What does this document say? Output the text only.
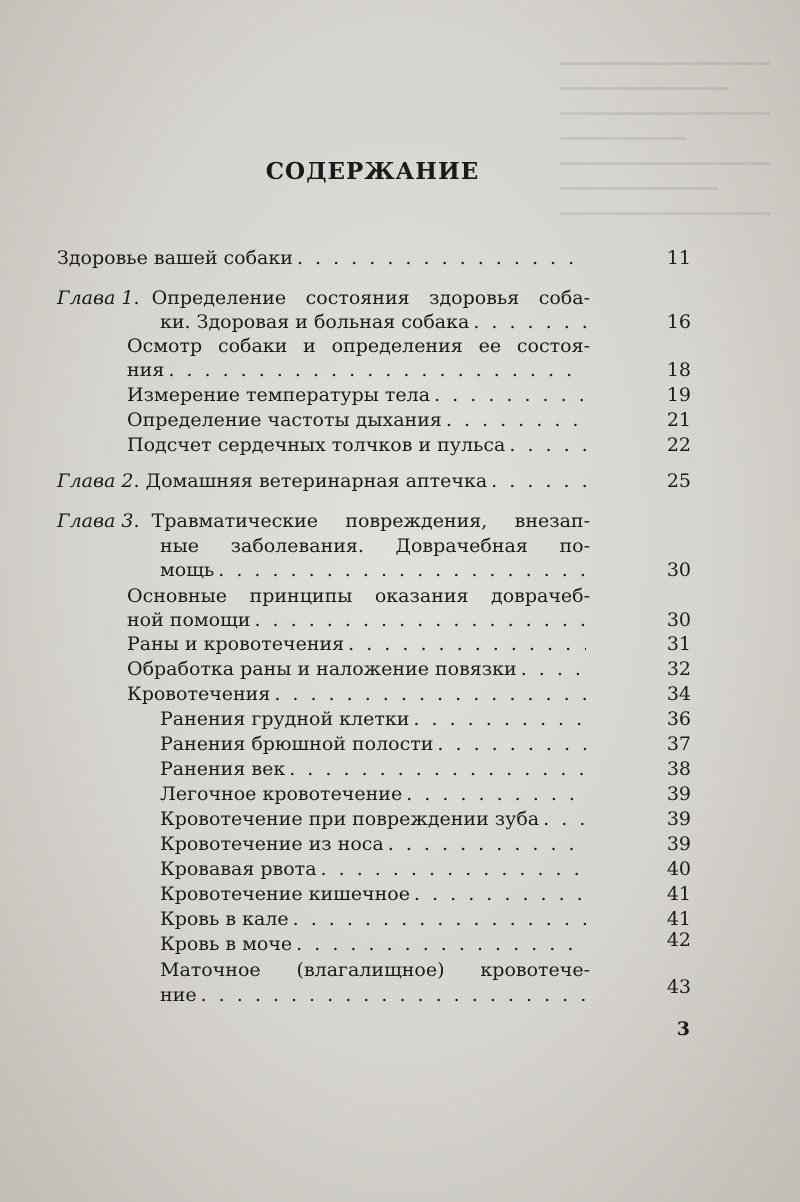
СОДЕРЖАНИЕ
Здоровье вашей собаки . . .	11
Глава 1 . Определение состояния здоровья соба-
ки. Здоровая и больная собака . . .	16
Осмотр собаки и определения ее состоя-
ния . . .	18
Измерение температуры тела . . .	19
Определение частоты дыхания . . .	21
Подсчет сердечных толчков и пульса . . .	22
Глава 2 . Домашняя ветеринарная аптечка . . .	25
Глава 3 . Травматические повреждения, внезап-
ные заболевания. Доврачебная по-
мощь . . .	30
Основные принципы оказания доврачеб-
ной помощи . . .	30
Раны и кровотечения . . .	31
Обработка раны и наложение повязки . . .	32
Кровотечения . . .	34
Ранения грудной клетки . . .	36
Ранения брюшной полости . . .	37
Ранения век . . .	38
Легочное кровотечение . . .	39
Кровотечение при повреждении зуба . . .	39
Кровотечение из носа . . .	39
Кровавая рвота . . .	40
Кровотечение кишечное . . .	41
Кровь в кале . . .	41
Кровь в моче . . .	42
Маточное (влагалищное) кровотече-
ние . . .	43
3
